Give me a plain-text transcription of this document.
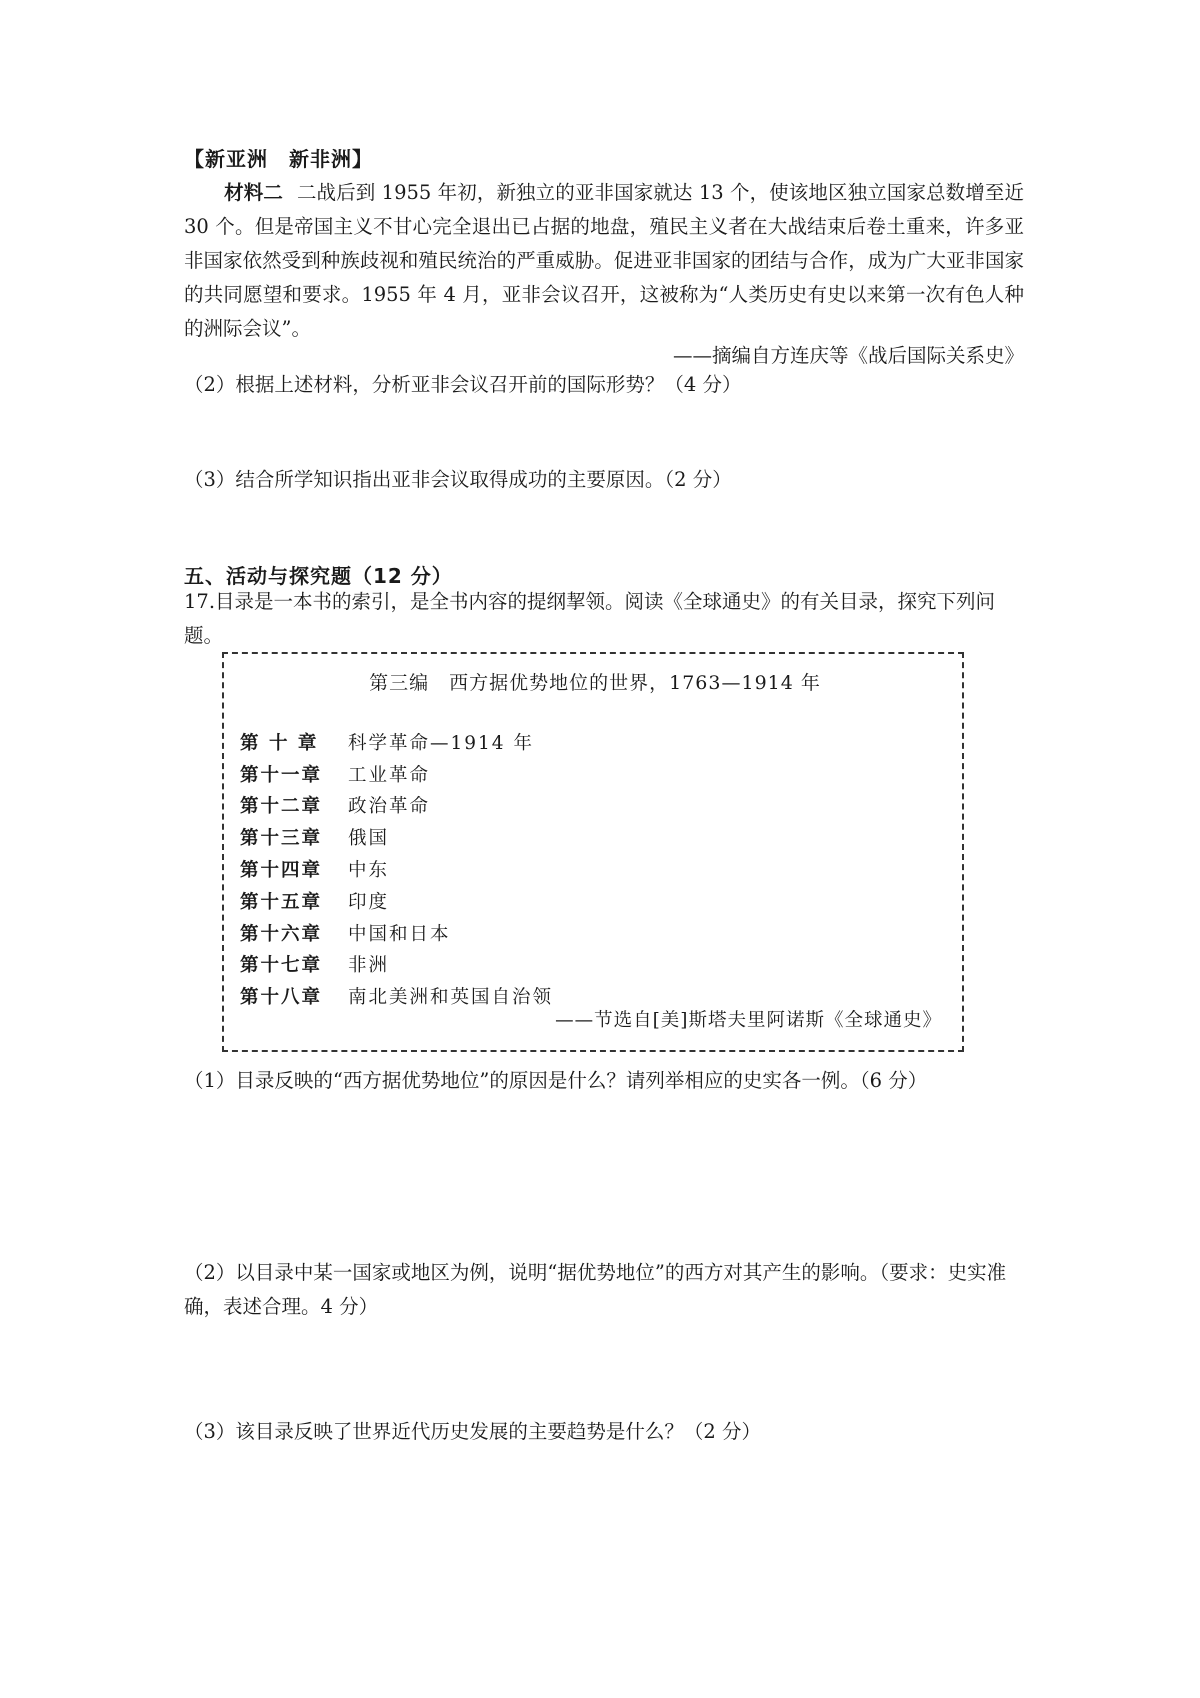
【新亚洲　新非洲】
材料二 二战后到 1955 年初，新独立的亚非国家就达 13 个，使该地区独立国家总数增至近 30 个。但是帝国主义不甘心完全退出已占据的地盘，殖民主义者在大战结束后卷土重来，许多亚非国家依然受到种族歧视和殖民统治的严重威胁。促进亚非国家的团结与合作，成为广大亚非国家的共同愿望和要求。1955 年 4 月，亚非会议召开，这被称为“人类历史有史以来第一次有色人种的洲际会议”。
——摘编自方连庆等《战后国际关系史》
（2）根据上述材料，分析亚非会议召开前的国际形势？（4 分）
（3）结合所学知识指出亚非会议取得成功的主要原因。（2 分）
五、活动与探究题（12 分）
17.目录是一本书的索引，是全书内容的提纲挈领。阅读《全球通史》的有关目录，探究下列问题。
第三编　西方据优势地位的世界，1763—1914 年
第 十 章	科学革命—1914 年
第十一章	工业革命
第十二章	政治革命
第十三章	俄国
第十四章	中东
第十五章	印度
第十六章	中国和日本
第十七章	非洲
第十八章	南北美洲和英国自治领
——节选自[美]斯塔夫里阿诺斯《全球通史》
（1）目录反映的“西方据优势地位”的原因是什么？请列举相应的史实各一例。（6 分）
（2）以目录中某一国家或地区为例，说明“据优势地位”的西方对其产生的影响。（要求：史实准确，表述合理。4 分）
（3）该目录反映了世界近代历史发展的主要趋势是什么？（2 分）
